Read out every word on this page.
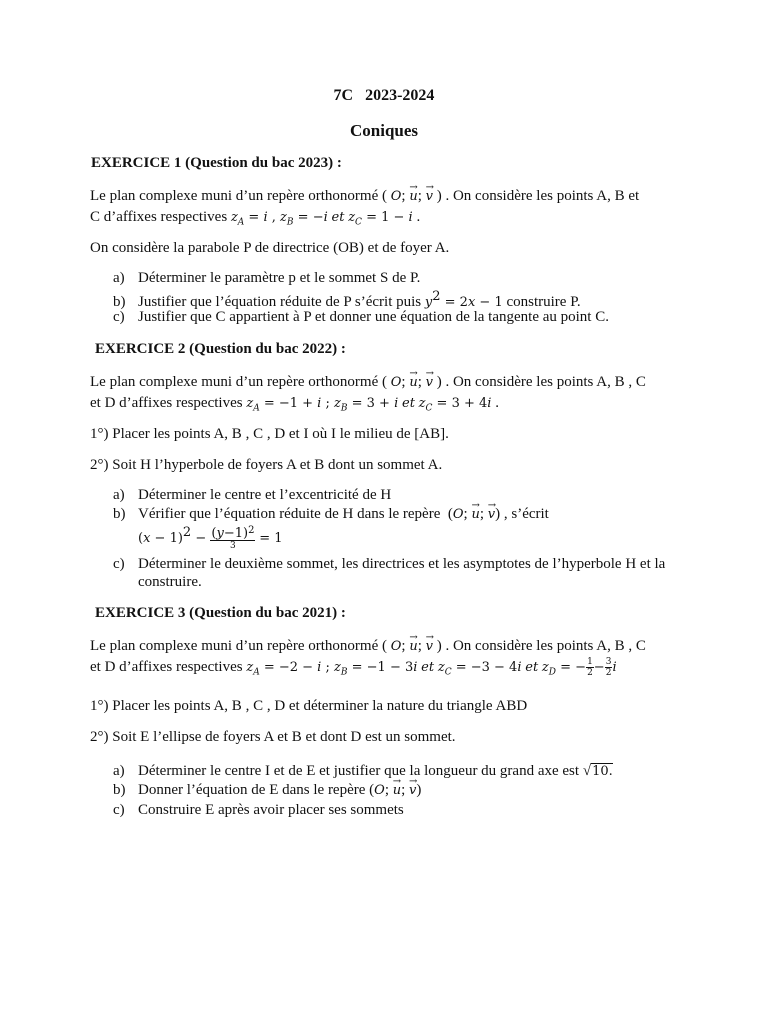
7C   2023-2024
Coniques
EXERCICE 1 (Question du bac 2023) :
Le plan complexe muni d’un repère orthonormé ( O; → u; → v ) . On considère les points A, B et
C d’affixes respectives $z_A = i$ , $z_B = -i$ et $z_C = 1 - i$ .
On considère la parabole P de directrice (OB) et de foyer A.
a) Déterminer le paramètre p et le sommet S de P.
b) Justifier que l’équation réduite de P s’écrit puis $y^2 = 2x - 1$ construire P.
c) Justifier que C appartient à P et donner une équation de la tangente au point C.
EXERCICE 2 (Question du bac 2022) :
Le plan complexe muni d’un repère orthonormé ( O; → u; → v ) . On considère les points A, B , C
et D d’affixes respectives $z_A = -1 + i$ ; $z_B = 3 + i$ et $z_C = 3 + 4i$ .
1°) Placer les points A, B , C , D et I où I le milieu de [AB].
2°) Soit H l’hyperbole de foyers A et B dont un sommet A.
a) Déterminer le centre et l’excentricité de H
b) Vérifier que l’équation réduite de H dans le repère  (O; → u; → v) , s’écrit
$(x - 1)^2 - \frac{(y-1)^2}{3} = 1$
c) Déterminer le deuxième sommet, les directrices et les asymptotes de l’hyperbole H et la construire.
EXERCICE 3 (Question du bac 2021) :
Le plan complexe muni d’un repère orthonormé ( O; → u; → v ) . On considère les points A, B , C
et D d’affixes respectives $z_A = -2 - i$ ; $z_B = -1 - 3i$ et $z_C = -3 - 4i$ et $z_D$ = − $\frac{1}{2} - \frac{3}{2}$ i
1°) Placer les points A, B , C , D et déterminer la nature du triangle ABD
2°) Soit E l’ellipse de foyers A et B et dont D est un sommet.
a) Déterminer le centre I et de E et justifier que la longueur du grand axe est √10.
b) Donner l’équation de E dans le repère (O; → u; → v)
c) Construire E après avoir placer ses sommets
